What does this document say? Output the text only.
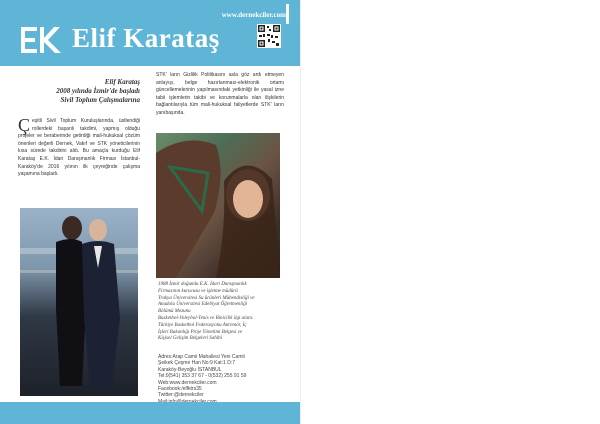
www.dernekciler.com
Elif Karataş
Elif Karataş
2008 yılında İzmir'de başladı
Sivil Toplum Çalışmalarına
Çeşitli Sivil Toplum Kuruluşlarında, üstlendiği rollerdeki başarılı takdimi, yapmış olduğu projeler ve beraberinde getirdiği mali-hukuksal çözüm önerileri değerli Dernek, Vakıf ve STK yöneticilerinin kısa sürede takdirini aldı. Bu amaçla kurduğu Elif Karataş E.K. İdari Danışmanlık Firması İstanbul-Karaköy'de 2016 yılının ilk çeyreğinde çalışma yaşamına başladı.
STK' ların Gizlilik Politikasını asla göz ardı etmeyen anlayışı, belge hazırlanması-elektronik ortamı güncellemelerinin yapılmasındaki yetkinliği ile yasal izne tabii işlemlerin takibi ve korunmalarla olan ilişkilerin bağlantılarıyla tüm mali-hukuksal faliyetlerde STK' ların yanıbaşında.
1988 İzmir doğumlu E.K. İdari Danışmanlık
Firmasının kurucusu ve işletme müdürü
Trakya Üniversitesi Su ürünleri Mühendisliği ve
Anadolu Üniversitesi Edebiyat Öğretmenliği
Bölümü Mezunu
Basketbol-Voleybol-Tenis ve Binicilik ilgi alanı.
Türkiye Basketbol Federasyonu Antrenör, İç
İşleri Bakanlığı Proje Yönetimi Belgesi ve
Kişisel Gelişim Belgeleri Sahibi
Adres:Arap Camii Mahallesi Yeni Camii
Şeikek Çeşme Han No:9 Kat:1 D:7
Karaköy-Beyoğlu İSTANBUL
Tel:0(541) 353 37 67 - 0(532) 255 91 59
Web:www.dernekciler.com
Facebook:/elfktrs35
Twitter:@dernekciler
